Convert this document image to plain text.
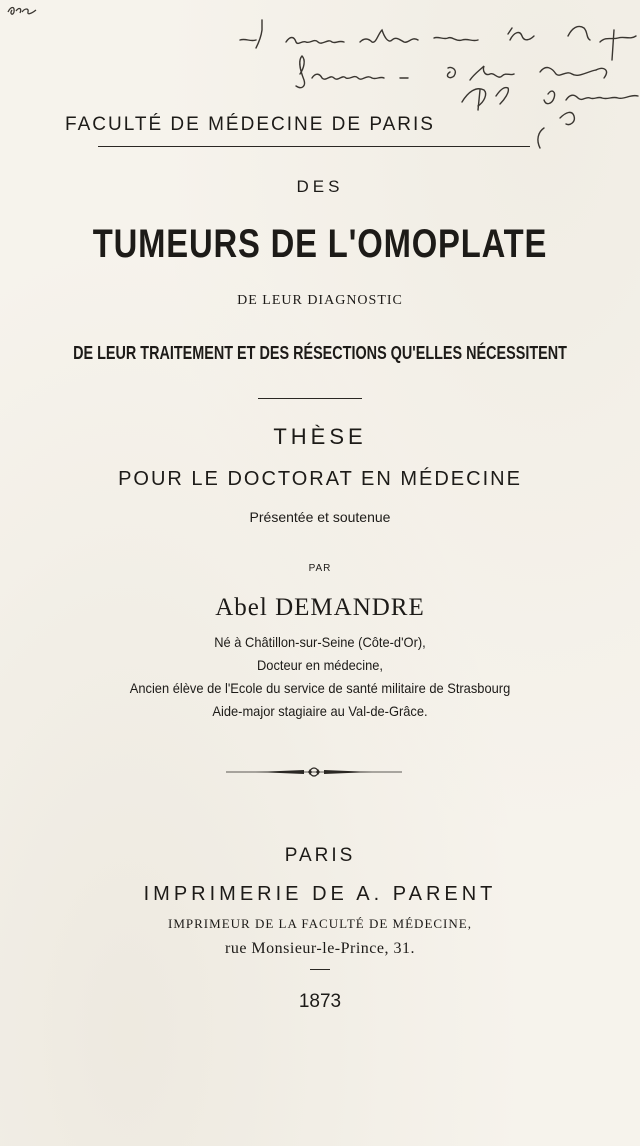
FACULTÉ DE MÉDECINE DE PARIS
DES
TUMEURS DE L'OMOPLATE
DE LEUR DIAGNOSTIC
DE LEUR TRAITEMENT ET DES RÉSECTIONS QU'ELLES NÉCESSITENT
THÈSE
POUR LE DOCTORAT EN MÉDECINE
Présentée et soutenue
PAR
Abel DEMANDRE
Né à Châtillon-sur-Seine (Côte-d'Or),
Docteur en médecine,
Ancien élève de l'Ecole du service de santé militaire de Strasbourg
Aide-major stagiaire au Val-de-Grâce.
PARIS
IMPRIMERIE DE A. PARENT
IMPRIMEUR DE LA FACULTÉ DE MÉDECINE,
rue Monsieur-le-Prince, 31.
1873
